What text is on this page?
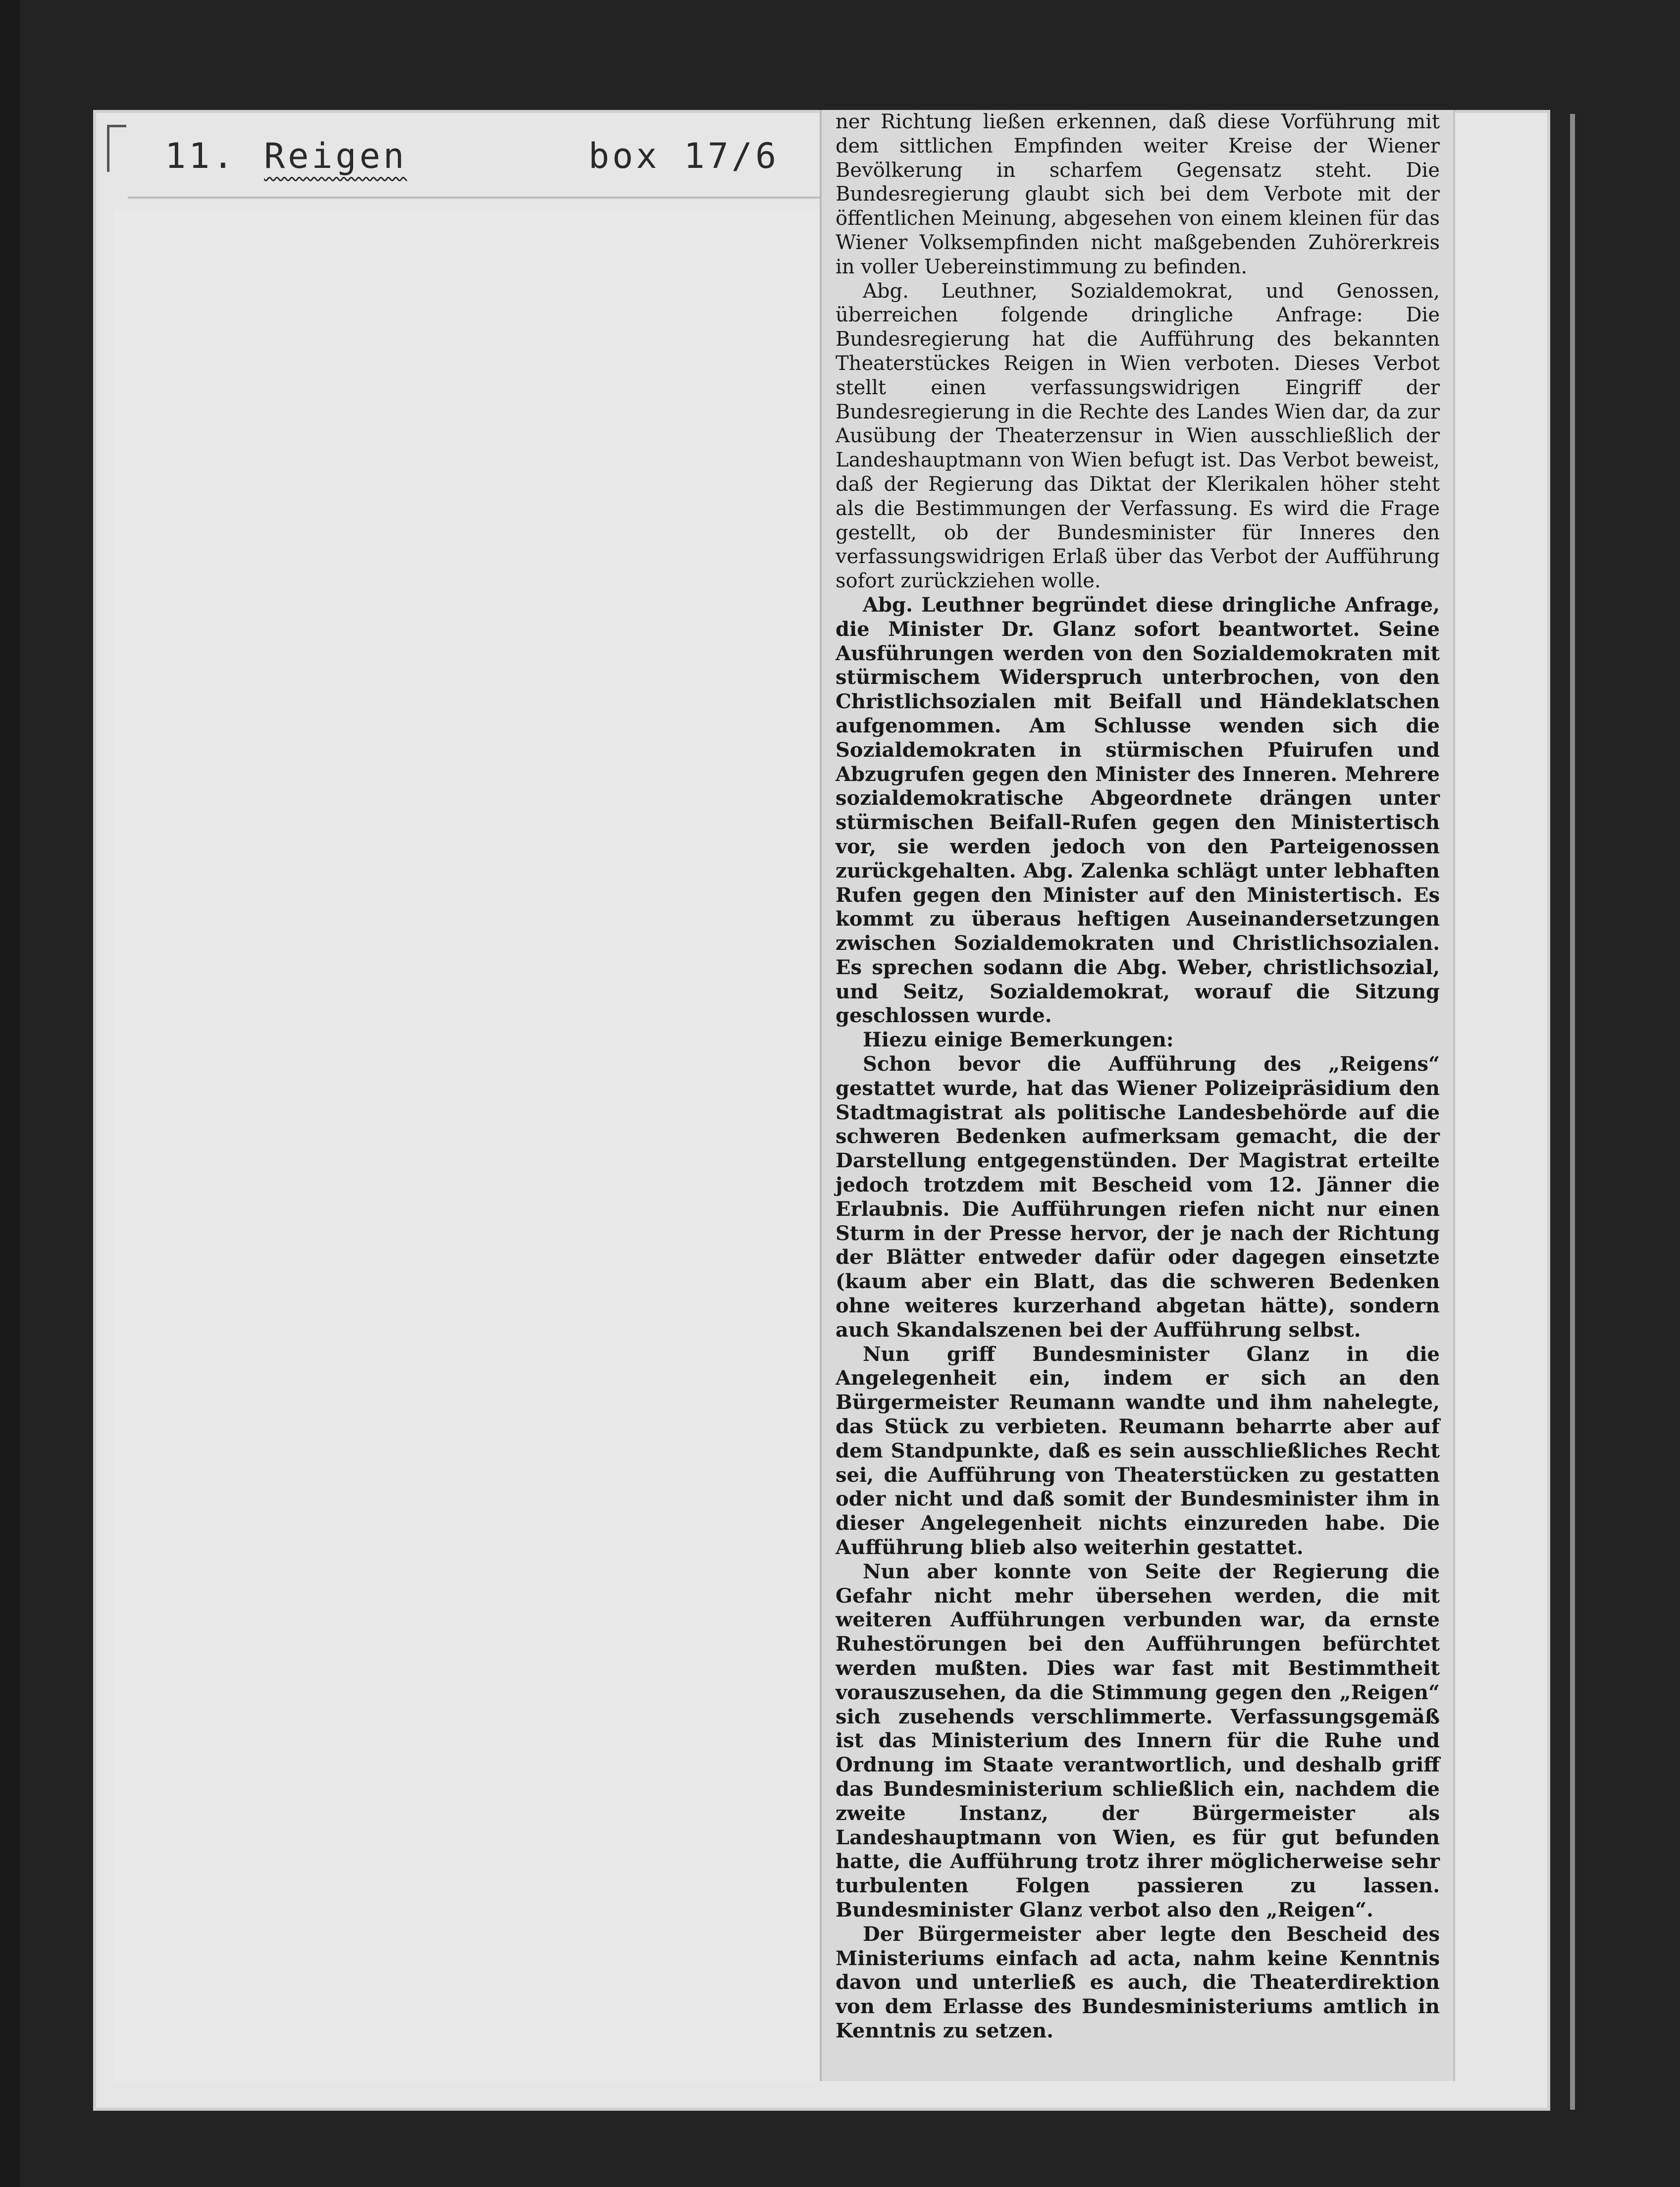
11. Reigen	box 17/6

ner Richtung ließen erkennen, daß diese Vorführung mit dem sittlichen Empfinden weiter Kreise der Wiener Bevölkerung in scharfem Gegensatz steht. Die Bundesregierung glaubt sich bei dem Verbote mit der öffentlichen Meinung, abgesehen von einem kleinen für das Wiener Volksempfinden nicht maßgebenden Zuhörerkreis in voller Uebereinstimmung zu befinden.

Abg. Leuthner, Sozialdemokrat, und Genossen, überreichen folgende dringliche Anfrage: Die Bundesregierung hat die Aufführung des bekannten Theaterstückes Reigen in Wien verboten. Dieses Verbot stellt einen verfassungswidrigen Eingriff der Bundesregierung in die Rechte des Landes Wien dar, da zur Ausübung der Theaterzensur in Wien ausschließlich der Landeshauptmann von Wien befugt ist. Das Verbot beweist, daß der Regierung das Diktat der Klerikalen höher steht als die Bestimmungen der Verfassung. Es wird die Frage gestellt, ob der Bundesminister für Inneres den verfassungswidrigen Erlaß über das Verbot der Aufführung sofort zurückziehen wolle.

Abg. Leuthner begründet diese dringliche Anfrage, die Minister Dr. Glanz sofort beantwortet. Seine Ausführungen werden von den Sozialdemokraten mit stürmischem Widerspruch unterbrochen, von den Christlichsozialen mit Beifall und Händeklatschen aufgenommen. Am Schlusse wenden sich die Sozialdemokraten in stürmischen Pfuirufen und Abzugrufen gegen den Minister des Inneren. Mehrere sozialdemokratische Abgeordnete drängen unter stürmischen Beifall-Rufen gegen den Ministertisch vor, sie werden jedoch von den Parteigenossen zurückgehalten. Abg. Zalenka schlägt unter lebhaften Rufen gegen den Minister auf den Ministertisch. Es kommt zu überaus heftigen Auseinandersetzungen zwischen Sozialdemokraten und Christlichsozialen. Es sprechen sodann die Abg. Weber, christlichsozial, und Seitz, Sozialdemokrat, worauf die Sitzung geschlossen wurde.

Hiezu einige Bemerkungen:

Schon bevor die Aufführung des „Reigens“ gestattet wurde, hat das Wiener Polizeipräsidium den Stadtmagistrat als politische Landesbehörde auf die schweren Bedenken aufmerksam gemacht, die der Darstellung entgegenstünden. Der Magistrat erteilte jedoch trotzdem mit Bescheid vom 12. Jänner die Erlaubnis. Die Aufführungen riefen nicht nur einen Sturm in der Presse hervor, der je nach der Richtung der Blätter entweder dafür oder dagegen einsetzte (kaum aber ein Blatt, das die schweren Bedenken ohne weiteres kurzerhand abgetan hätte), sondern auch Skandalszenen bei der Aufführung selbst.

Nun griff Bundesminister Glanz in die Angelegenheit ein, indem er sich an den Bürgermeister Reumann wandte und ihm nahelegte, das Stück zu verbieten. Reumann beharrte aber auf dem Standpunkte, daß es sein ausschließliches Recht sei, die Aufführung von Theaterstücken zu gestatten oder nicht und daß somit der Bundesminister ihm in dieser Angelegenheit nichts einzureden habe. Die Aufführung blieb also weiterhin gestattet.

Nun aber konnte von Seite der Regierung die Gefahr nicht mehr übersehen werden, die mit weiteren Aufführungen verbunden war, da ernste Ruhestörungen bei den Aufführungen befürchtet werden mußten. Dies war fast mit Bestimmtheit vorauszusehen, da die Stimmung gegen den „Reigen“ sich zusehends verschlimmerte. Verfassungsgemäß ist das Ministerium des Innern für die Ruhe und Ordnung im Staate verantwortlich, und deshalb griff das Bundesministerium schließlich ein, nachdem die zweite Instanz, der Bürgermeister als Landeshauptmann von Wien, es für gut befunden hatte, die Aufführung trotz ihrer möglicherweise sehr turbulenten Folgen passieren zu lassen. Bundesminister Glanz verbot also den „Reigen“.

Der Bürgermeister aber legte den Bescheid des Ministeriums einfach ad acta, nahm keine Kenntnis davon und unterließ es auch, die Theaterdirektion von dem Erlasse des Bundesministeriums amtlich in Kenntnis zu setzen.
